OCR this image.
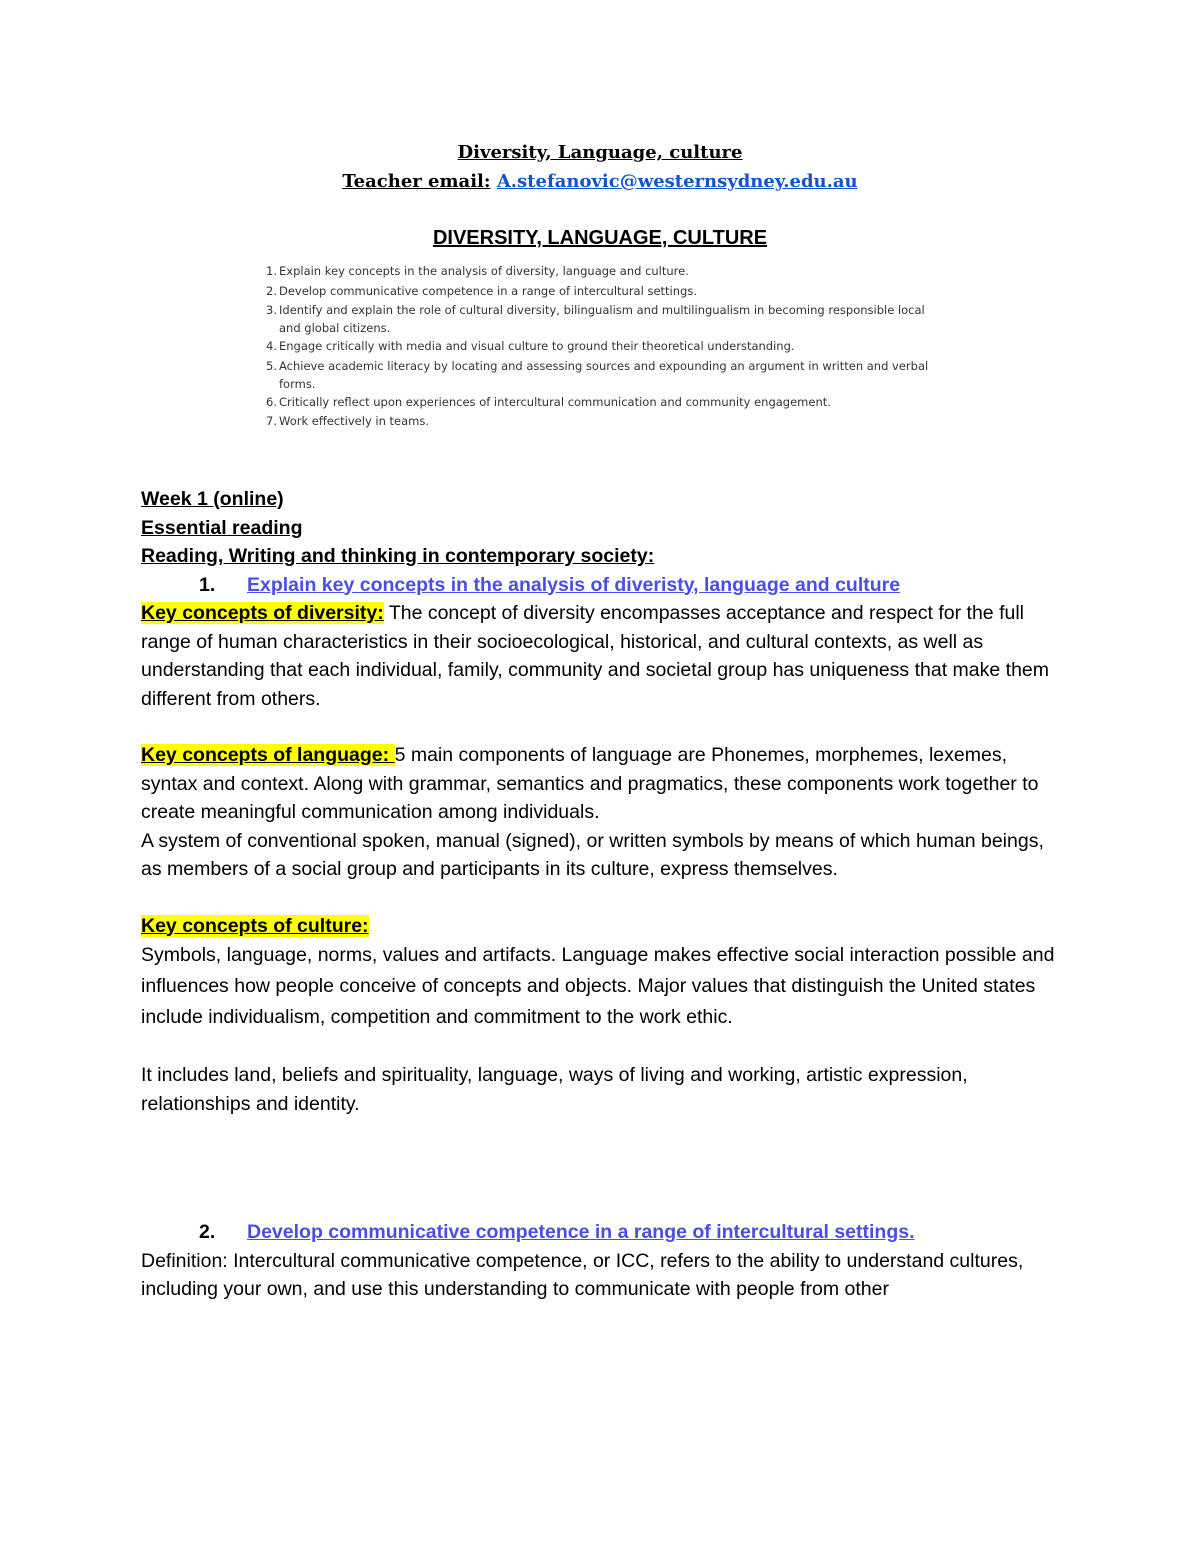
Diversity, Language, culture
Teacher email: A.stefanovic@westernsydney.edu.au
DIVERSITY, LANGUAGE, CULTURE
1. Explain key concepts in the analysis of diversity, language and culture.
2. Develop communicative competence in a range of intercultural settings.
3. Identify and explain the role of cultural diversity, bilingualism and multilingualism in becoming responsible local and global citizens.
4. Engage critically with media and visual culture to ground their theoretical understanding.
5. Achieve academic literacy by locating and assessing sources and expounding an argument in written and verbal forms.
6. Critically reflect upon experiences of intercultural communication and community engagement.
7. Work effectively in teams.

Week 1 (online)

Essential reading

Reading, Writing and thinking in contemporary society:

1. Explain key concepts in the analysis of diveristy, language and culture

Key concepts of diversity: The concept of diversity encompasses acceptance and respect for the full range of human characteristics in their socioecological, historical, and cultural contexts, as well as understanding that each individual, family, community and societal group has uniqueness that make them different from others.

Key concepts of language: 5 main components of language are Phonemes, morphemes, lexemes, syntax and context. Along with grammar, semantics and pragmatics, these components work together to create meaningful communication among individuals.

A system of conventional spoken, manual (signed), or written symbols by means of which human beings, as members of a social group and participants in its culture, express themselves.

Key concepts of culture:

Symbols, language, norms, values and artifacts. Language makes effective social interaction possible and influences how people conceive of concepts and objects. Major values that distinguish the United states include individualism, competition and commitment to the work ethic.

It includes land, beliefs and spirituality, language, ways of living and working, artistic expression, relationships and identity.

2. Develop communicative competence in a range of intercultural settings.

Definition: Intercultural communicative competence, or ICC, refers to the ability to understand cultures, including your own, and use this understanding to communicate with people from other
